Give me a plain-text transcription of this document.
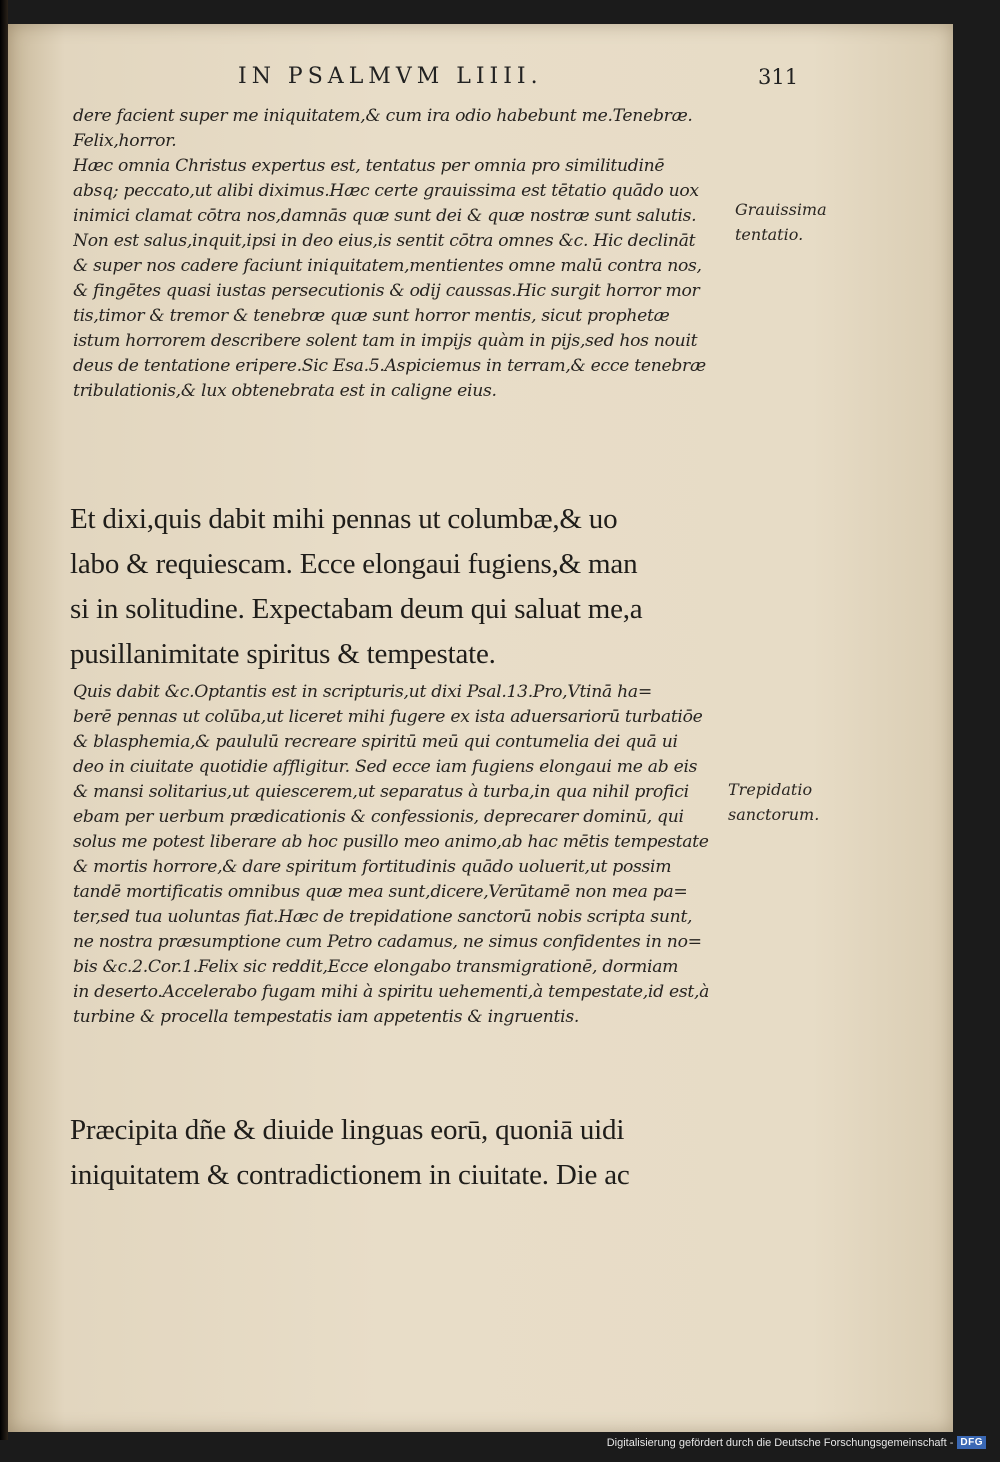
IN PSALMVM LIIII.	311
dere facient super me iniquitatem,& cum ira odio habebunt me.Tenebræ.
Felix,horror.
Hæc omnia Christus expertus est, tentatus per omnia pro similitudinē
absq; peccato,ut alibi diximus.Hæc certe grauissima est tētatio quādo uox
inimici clamat cōtra nos,damnās quæ sunt dei & quæ nostræ sunt salutis.
Non est salus,inquit,ipsi in deo eius,is sentit cōtra omnes &c. Hic declināt
& super nos cadere faciunt iniquitatem,mentientes omne malū contra nos,
& fingētes quasi iustas persecutionis & odij caussas.Hic surgit horror mor
tis,timor & tremor & tenebræ quæ sunt horror mentis, sicut prophetæ
istum horrorem describere solent tam in impijs quàm in pijs,sed hos nouit
deus de tentatione eripere.Sic Esa.5.Aspiciemus in terram,& ecce tenebræ
tribulationis,& lux obtenebrata est in caligne eius.
Grauissima
tentatio.
Et dixi,quis dabit mihi pennas ut columbæ,& uo
labo & requiescam. Ecce elongaui fugiens,& man
si in solitudine. Expectabam deum qui saluat me,a
pusillanimitate spiritus & tempestate.
Quis dabit &c.Optantis est in scripturis,ut dixi Psal.13.Pro,Vtinā ha=
berē pennas ut colūba,ut liceret mihi fugere ex ista aduersariorū turbatiōe
& blasphemia,& paululū recreare spiritū meū qui contumelia dei quā ui
deo in ciuitate quotidie affligitur. Sed ecce iam fugiens elongaui me ab eis
& mansi solitarius,ut quiescerem,ut separatus à turba,in qua nihil profici
ebam per uerbum prædicationis & confessionis, deprecarer dominū, qui
solus me potest liberare ab hoc pusillo meo animo,ab hac mētis tempestate
& mortis horrore,& dare spiritum fortitudinis quādo uoluerit,ut possim
tandē mortificatis omnibus quæ mea sunt,dicere,Verūtamē non mea pa=
ter,sed tua uoluntas fiat.Hæc de trepidatione sanctorū nobis scripta sunt,
ne nostra præsumptione cum Petro cadamus, ne simus confidentes in no=
bis &c.2.Cor.1.Felix sic reddit,Ecce elongabo transmigrationē, dormiam
in deserto.Accelerabo fugam mihi à spiritu uehementi,à tempestate,id est,à
turbine & procella tempestatis iam appetentis & ingruentis.
Trepidatio
sanctorum.
Præcipita dñe & diuide linguas eorū, quoniā uidi
iniquitatem & contradictionem in ciuitate. Die ac
Digitalisierung gefördert durch die Deutsche Forschungsgemeinschaft - DFG
